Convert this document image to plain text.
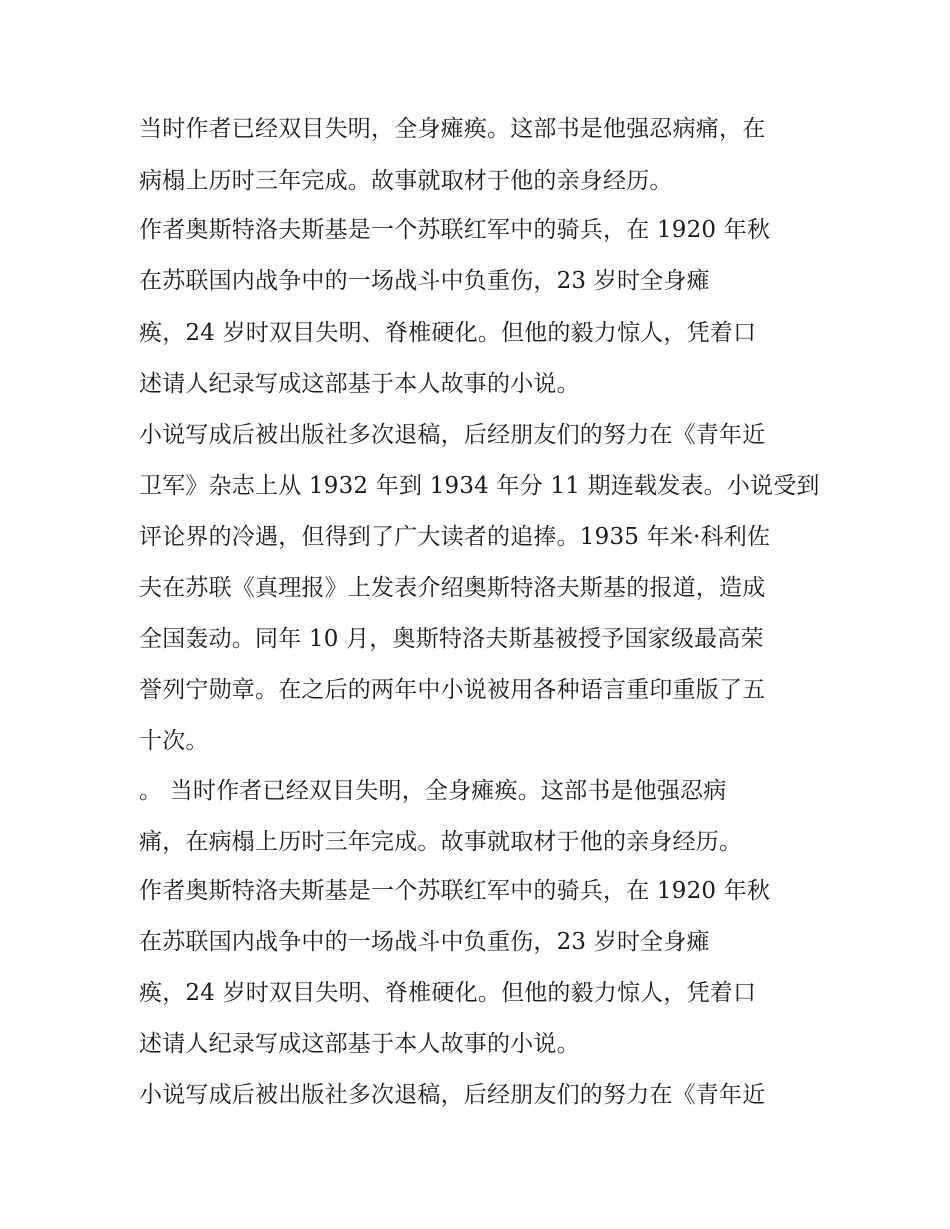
当时作者已经双目失明，全身瘫痪。这部书是他强忍病痛，在
病榻上历时三年完成。故事就取材于他的亲身经历。
作者奥斯特洛夫斯基是一个苏联红军中的骑兵，在 1920 年秋
在苏联国内战争中的一场战斗中负重伤，23 岁时全身瘫
痪，24 岁时双目失明、脊椎硬化。但他的毅力惊人，凭着口
述请人纪录写成这部基于本人故事的小说。
小说写成后被出版社多次退稿，后经朋友们的努力在《青年近
卫军》杂志上从 1932 年到 1934 年分 11 期连载发表。小说受到
评论界的冷遇，但得到了广大读者的追捧。1935 年米·科利佐
夫在苏联《真理报》上发表介绍奥斯特洛夫斯基的报道，造成
全国轰动。同年 10 月，奥斯特洛夫斯基被授予国家级最高荣
誉列宁勋章。在之后的两年中小说被用各种语言重印重版了五
十次。
。 当时作者已经双目失明，全身瘫痪。这部书是他强忍病
痛，在病榻上历时三年完成。故事就取材于他的亲身经历。
作者奥斯特洛夫斯基是一个苏联红军中的骑兵，在 1920 年秋
在苏联国内战争中的一场战斗中负重伤，23 岁时全身瘫
痪，24 岁时双目失明、脊椎硬化。但他的毅力惊人，凭着口
述请人纪录写成这部基于本人故事的小说。
小说写成后被出版社多次退稿，后经朋友们的努力在《青年近
